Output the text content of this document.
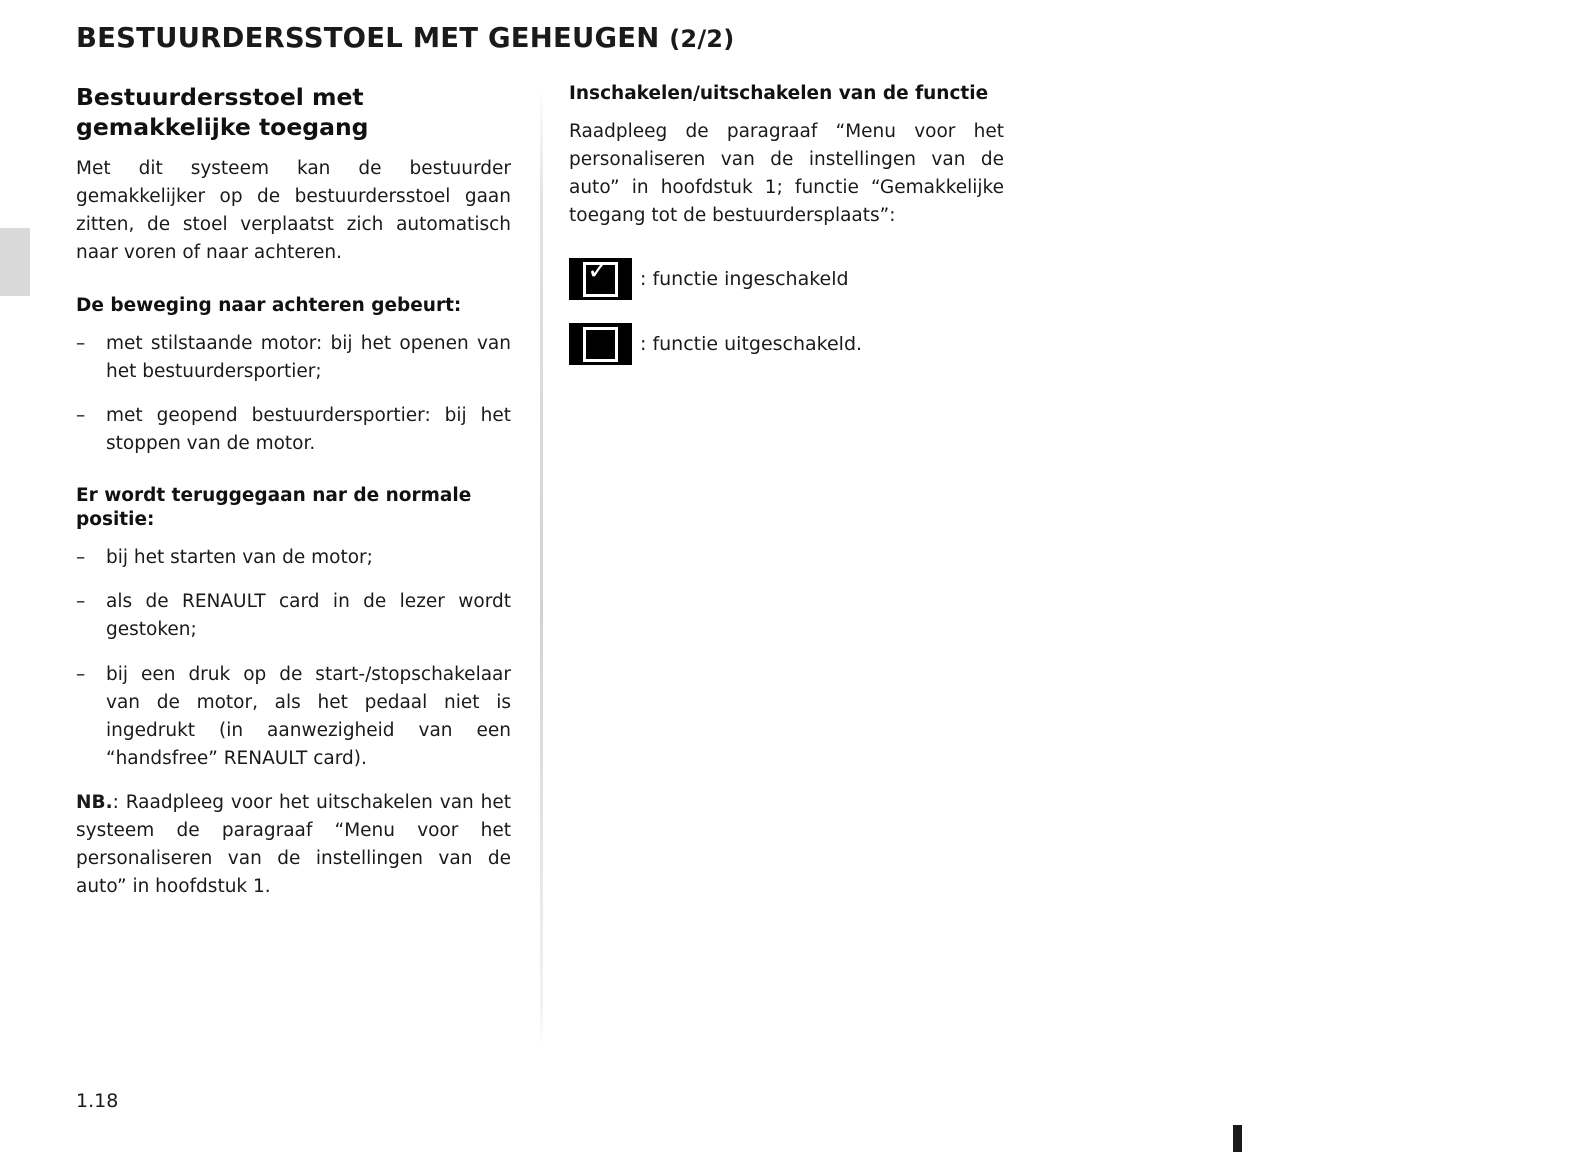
BESTUURDERSSTOEL MET GEHEUGEN (2/2)
Bestuurdersstoel met gemakkelijke toegang

Met dit systeem kan de bestuurder gemakkelijker op de bestuurdersstoel gaan zitten, de stoel verplaatst zich automatisch naar voren of naar achteren.

De beweging naar achteren gebeurt:
– met stilstaande motor: bij het openen van het bestuurdersportier;
– met geopend bestuurdersportier: bij het stoppen van de motor.
Er wordt teruggegaan nar de normale positie:
– bij het starten van de motor;
– als de RENAULT card in de lezer wordt gestoken;
– bij een druk op de start-/stopschakelaar van de motor, als het pedaal niet is ingedrukt (in aanwezigheid van een “handsfree” RENAULT card).

NB.: Raadpleeg voor het uitschakelen van het systeem de paragraaf “Menu voor het personaliseren van de instellingen van de auto” in hoofdstuk 1.

Inschakelen/uitschakelen van de functie

Raadpleeg de paragraaf “Menu voor het personaliseren van de instellingen van de auto” in hoofdstuk 1; functie “Gemakkelijke toegang tot de bestuurdersplaats”:

✓	: functie ingeschakeld
: functie uitgeschakeld.
1.18
